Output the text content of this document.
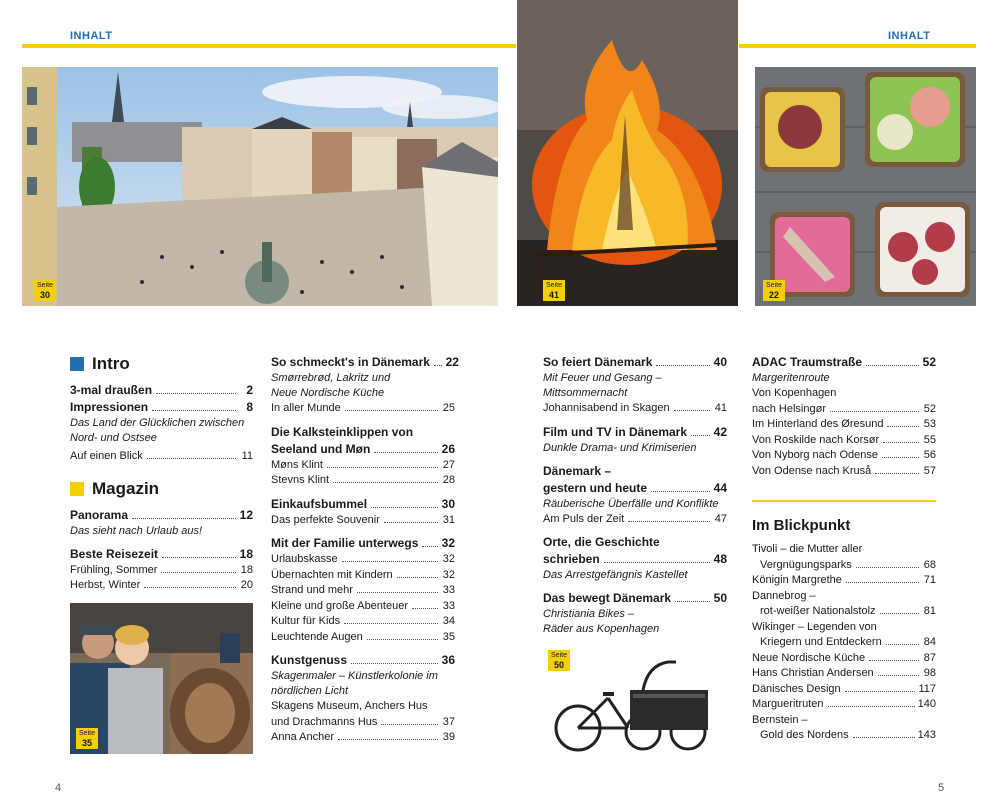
INHALT	INHALT
Seite
30
Seite
41
Seite
22
Seite
35
Seite
50
Intro
3-mal draußen	2
Impressionen	8
Das Land der Glücklichen zwischen
Nord- und Ostsee
Auf einen Blick	11
Magazin
Panorama	12
Das sieht nach Urlaub aus!
Beste Reisezeit	18
Frühling, Sommer	18
Herbst, Winter	20
So schmeckt's in Dänemark 22
Smørrebrød, Lakritz und
Neue Nordische Küche
In aller Munde	25
Die Kalksteinklippen von
Seeland und Møn	26
Møns Klint	27
Stevns Klint	28
Einkaufsbummel	30
Das perfekte Souvenir	31
Mit der Familie unterwegs 32
Urlaubskasse	32
Übernachten mit Kindern	32
Strand und mehr	33
Kleine und große Abenteuer	33
Kultur für Kids	34
Leuchtende Augen	35
Kunstgenuss	36
Skagenmaler – Künstlerkolonie im
nördlichen Licht
Skagens Museum, Anchers Hus
und Drachmanns Hus	37
Anna Ancher	39
So feiert Dänemark	40
Mit Feuer und Gesang –
Mittsommernacht
Johannisabend in Skagen	41
Film und TV in Dänemark 42
Dunkle Drama- und Krimiserien
Dänemark –
gestern und heute	44
Räuberische Überfälle und Konflikte
Am Puls der Zeit	47
Orte, die Geschichte
schrieben	48
Das Arrestgefängnis Kastellet
Das bewegt Dänemark	50
Christiania Bikes –
Räder aus Kopenhagen
ADAC Traumstraße	52
Margeritenroute
Von Kopenhagen
nach Helsingør	52
Im Hinterland des Øresund	53
Von Roskilde nach Korsør	55
Von Nyborg nach Odense	56
Von Odense nach Kruså	57
Im Blickpunkt
Tivoli – die Mutter aller
Vergnügungsparks	68
Königin Margrethe	71
Dannebrog –
rot-weißer Nationalstolz	81
Wikinger – Legenden von
Kriegern und Entdeckern	84
Neue Nordische Küche	87
Hans Christian Andersen	98
Dänisches Design	117
Margueritruten	140
Bernstein –
Gold des Nordens	143
4	5
